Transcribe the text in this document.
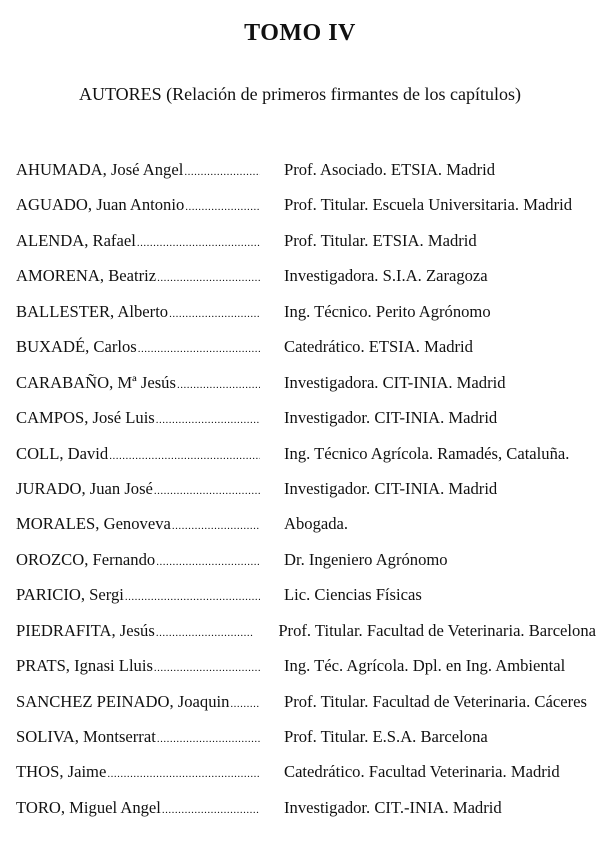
TOMO IV
AUTORES (Relación de primeros firmantes de los capítulos)
AHUMADA, José Angel .....	Prof. Asociado. ETSIA. Madrid
AGUADO, Juan Antonio .....	Prof. Titular. Escuela Universitaria. Madrid
ALENDA, Rafael .....	Prof. Titular. ETSIA. Madrid
AMORENA, Beatriz .....	Investigadora. S.I.A. Zaragoza
BALLESTER, Alberto .....	Ing. Técnico. Perito Agrónomo
BUXADÉ, Carlos .....	Catedrático. ETSIA. Madrid
CARABAÑO, Mª Jesús .....	Investigadora. CIT-INIA. Madrid
CAMPOS, José Luis .....	Investigador. CIT-INIA. Madrid
COLL, David .....	Ing. Técnico Agrícola. Ramadés, Cataluña.
JURADO, Juan José .....	Investigador. CIT-INIA. Madrid
MORALES, Genoveva .....	Abogada.
OROZCO, Fernando .....	Dr. Ingeniero Agrónomo
PARICIO, Sergi .....	Lic. Ciencias Físicas
PIEDRAFITA, Jesús .....	Prof. Titular. Facultad de Veterinaria. Barcelona
PRATS, Ignasi Lluis .....	Ing. Téc. Agrícola. Dpl. en Ing. Ambiental
SANCHEZ PEINADO, Joaquin .....	Prof. Titular. Facultad de Veterinaria. Cáceres
SOLIVA, Montserrat .....	Prof. Titular. E.S.A. Barcelona
THOS, Jaime .....	Catedrático. Facultad Veterinaria. Madrid
TORO, Miguel Angel .....	Investigador. CIT.-INIA. Madrid
